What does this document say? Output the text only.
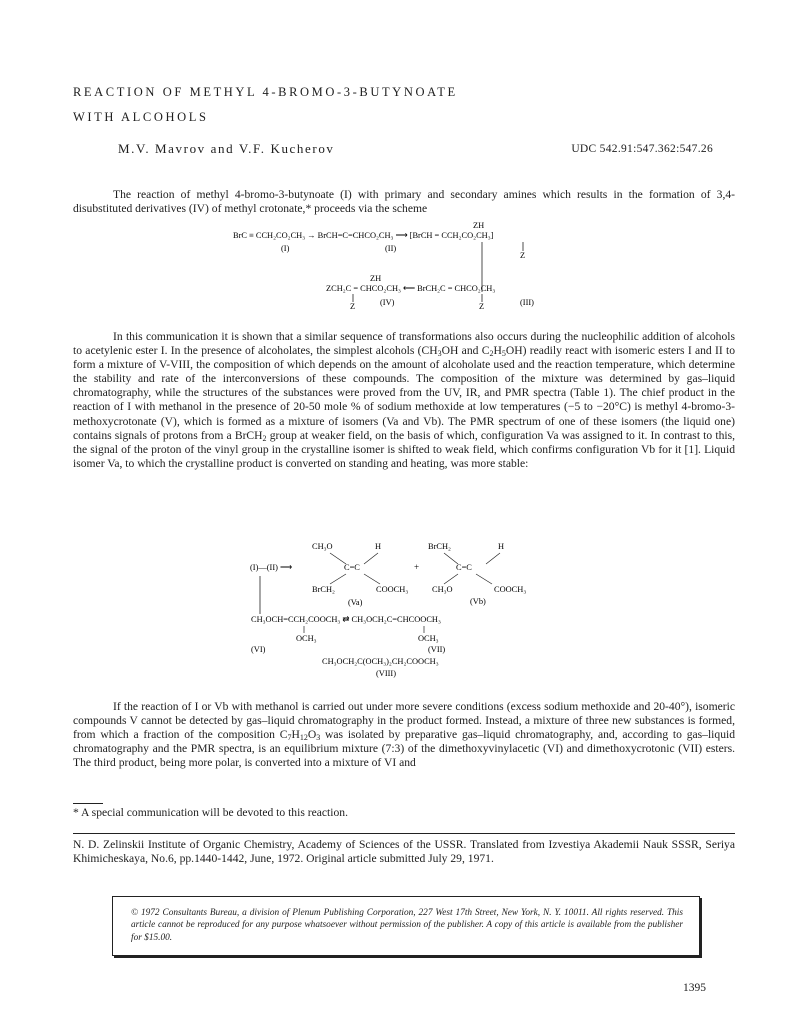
REACTION OF METHYL 4-BROMO-3-BUTYNOATE
WITH ALCOHOLS
M.V. Mavrov and V.F. Kucherov	UDC 542.91:547.362:547.26

The reaction of methyl 4-bromo-3-butynoate (I) with primary and secondary amines which results in the formation of 3,4-disubstituted derivatives (IV) of methyl crotonate,* proceeds via the scheme

ZH
BrC ≡ CCH₂CO₂CH₃ → BrCH=C=CHCO₂CH₃ ⟶ [BrCH = CCH₂CO₂CH₃]
(I)	(II)
Z
ZH
ZCH₂C = CHCO₂CH₃ ⟵ BrCH₂C = CHCO₂CH₃
Z	(IV)	Z	(III)

In this communication it is shown that a similar sequence of transformations also occurs during the nucleophilic addition of alcohols to acetylenic ester I. In the presence of alcoholates, the simplest alcohols ($CH_3OH$ and $C_2H_5OH$) readily react with isomeric esters I and II to form a mixture of V-VIII, the composition of which depends on the amount of alcoholate used and the reaction temperature, which determine the stability and rate of the interconversions of these compounds. The composition of the mixture was determined by gas–liquid chromatography, while the structures of the substances were proved from the UV, IR, and PMR spectra (Table 1). The chief product in the reaction of I with methanol in the presence of 20-50 mole % of sodium methoxide at low temperatures (−5 to −20°C) is methyl 4-bromo-3-methoxycrotonate (V), which is formed as a mixture of isomers (Va and Vb). The PMR spectrum of one of these isomers (the liquid one) contains signals of protons from a BrCH$_2$ group at weaker field, on the basis of which, configuration Va was assigned to it. In contrast to this, the signal of the proton of the vinyl group in the crystalline isomer is shifted to weak field, which confirms configuration Vb for it [1]. Liquid isomer Va, to which the crystalline product is converted on standing and heating, was more stable:

CH₃O	H	BrCH₂	H
(I)—(II) ⟶	C=C	+	C=C
BrCH₂	COOCH₃	CH₃O	COOCH₃
(Va)	(Vb)
CH₃OCH=CCH₂COOCH₃ ⇄ CH₃OCH₂C=CHCOOCH₃
OCH₃	OCH₃
(VI)	(VII)
CH₃OCH₂C(OCH₃)₂CH₂COOCH₃
(VIII)

If the reaction of I or Vb with methanol is carried out under more severe conditions (excess sodium methoxide and 20-40°), isomeric compounds V cannot be detected by gas–liquid chromatography in the product formed. Instead, a mixture of three new substances is formed, from which a fraction of the composition $C_7H_{12}O_3$ was isolated by preparative gas–liquid chromatography, and, according to gas–liquid chromatography and the PMR spectra, is an equilibrium mixture (7:3) of the dimethoxyvinylacetic (VI) and dimethoxycrotonic (VII) esters. The third product, being more polar, is converted into a mixture of VI and

* A special communication will be devoted to this reaction.
N. D. Zelinskii Institute of Organic Chemistry, Academy of Sciences of the USSR. Translated from Izvestiya Akademii Nauk SSSR, Seriya Khimicheskaya, No.6, pp.1440-1442, June, 1972. Original article submitted July 29, 1971.
© 1972 Consultants Bureau, a division of Plenum Publishing Corporation, 227 West 17th Street, New York, N. Y. 10011. All rights reserved. This article cannot be reproduced for any purpose whatsoever without permission of the publisher. A copy of this article is available from the publisher for $15.00.
1395
